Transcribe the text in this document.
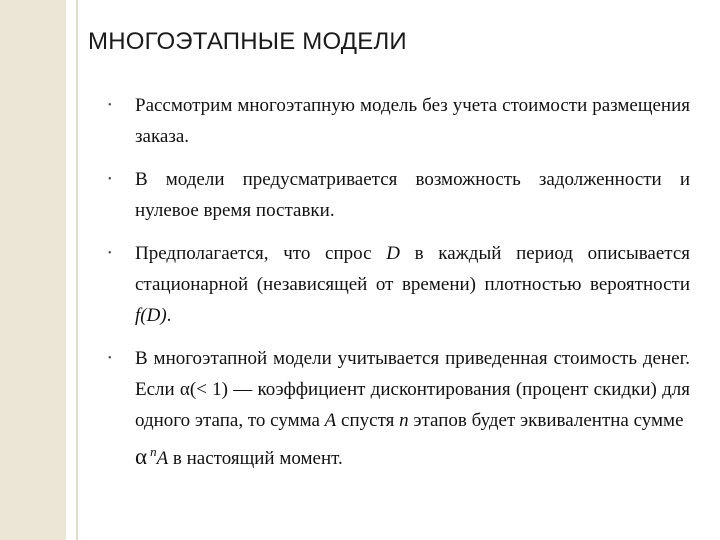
МНОГОЭТАПНЫЕ МОДЕЛИ
•	Рассмотрим многоэтапную модель без учета стоимости размещения заказа.
•	В модели предусматривается возможность задолженности и нулевое время поставки.
•	Предполагается, что спрос D в каждый период описывается стационарной (независящей от времени) плотностью вероятности f(D).
•	В многоэтапной модели учитывается приведенная стоимость денег. Если α(< 1) — коэффициент дисконтирования (процент скидки) для одного этапа, то сумма A спустя n этапов будет эквивалентна сумме
α $^n$A в настоящий момент.
